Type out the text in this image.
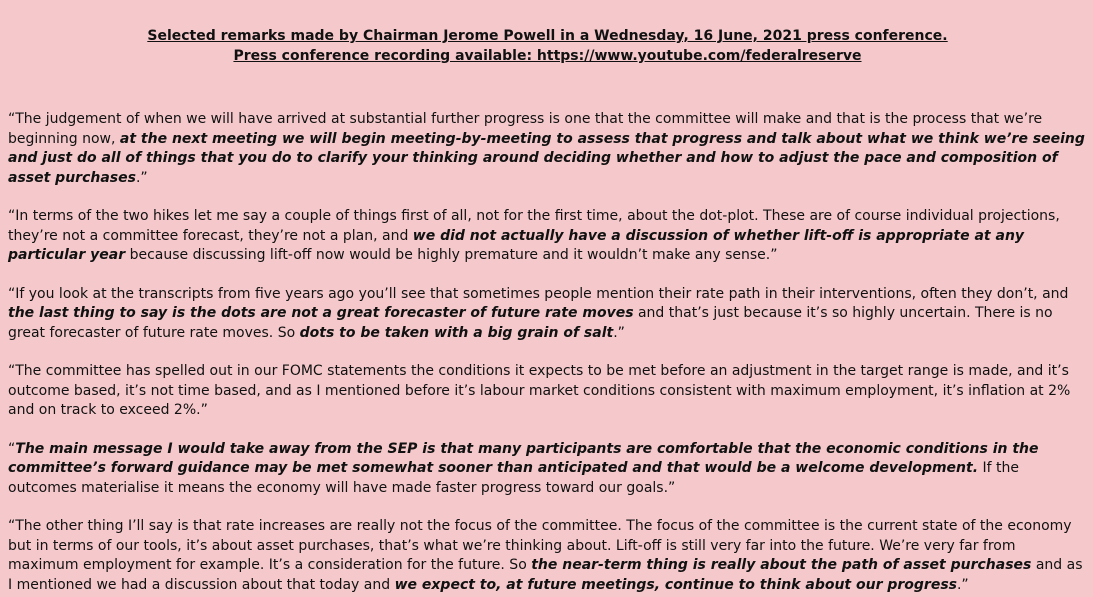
Selected remarks made by Chairman Jerome Powell in a Wednesday, 16 June, 2021 press conference.
Press conference recording available: https://www.youtube.com/federalreserve

“The judgement of when we will have arrived at substantial further progress is one that the committee will make and that is the process that we’re beginning now, at the next meeting we will begin meeting-by-meeting to assess that progress and talk about what we think we’re seeing and just do all of things that you do to clarify your thinking around deciding whether and how to adjust the pace and composition of asset purchases.”

“In terms of the two hikes let me say a couple of things first of all, not for the first time, about the dot-plot. These are of course individual projections, they’re not a committee forecast, they’re not a plan, and we did not actually have a discussion of whether lift-off is appropriate at any particular year because discussing lift-off now would be highly premature and it wouldn’t make any sense.”

“If you look at the transcripts from five years ago you’ll see that sometimes people mention their rate path in their interventions, often they don’t, and the last thing to say is the dots are not a great forecaster of future rate moves and that’s just because it’s so highly uncertain. There is no great forecaster of future rate moves. So dots to be taken with a big grain of salt.”

“The committee has spelled out in our FOMC statements the conditions it expects to be met before an adjustment in the target range is made, and it’s outcome based, it’s not time based, and as I mentioned before it’s labour market conditions consistent with maximum employment, it’s inflation at 2% and on track to exceed 2%.”

“The main message I would take away from the SEP is that many participants are comfortable that the economic conditions in the committee’s forward guidance may be met somewhat sooner than anticipated and that would be a welcome development. If the outcomes materialise it means the economy will have made faster progress toward our goals.”

“The other thing I’ll say is that rate increases are really not the focus of the committee. The focus of the committee is the current state of the economy but in terms of our tools, it’s about asset purchases, that’s what we’re thinking about. Lift-off is still very far into the future. We’re very far from maximum employment for example. It’s a consideration for the future. So the near-term thing is really about the path of asset purchases and as I mentioned we had a discussion about that today and we expect to, at future meetings, continue to think about our progress.”
